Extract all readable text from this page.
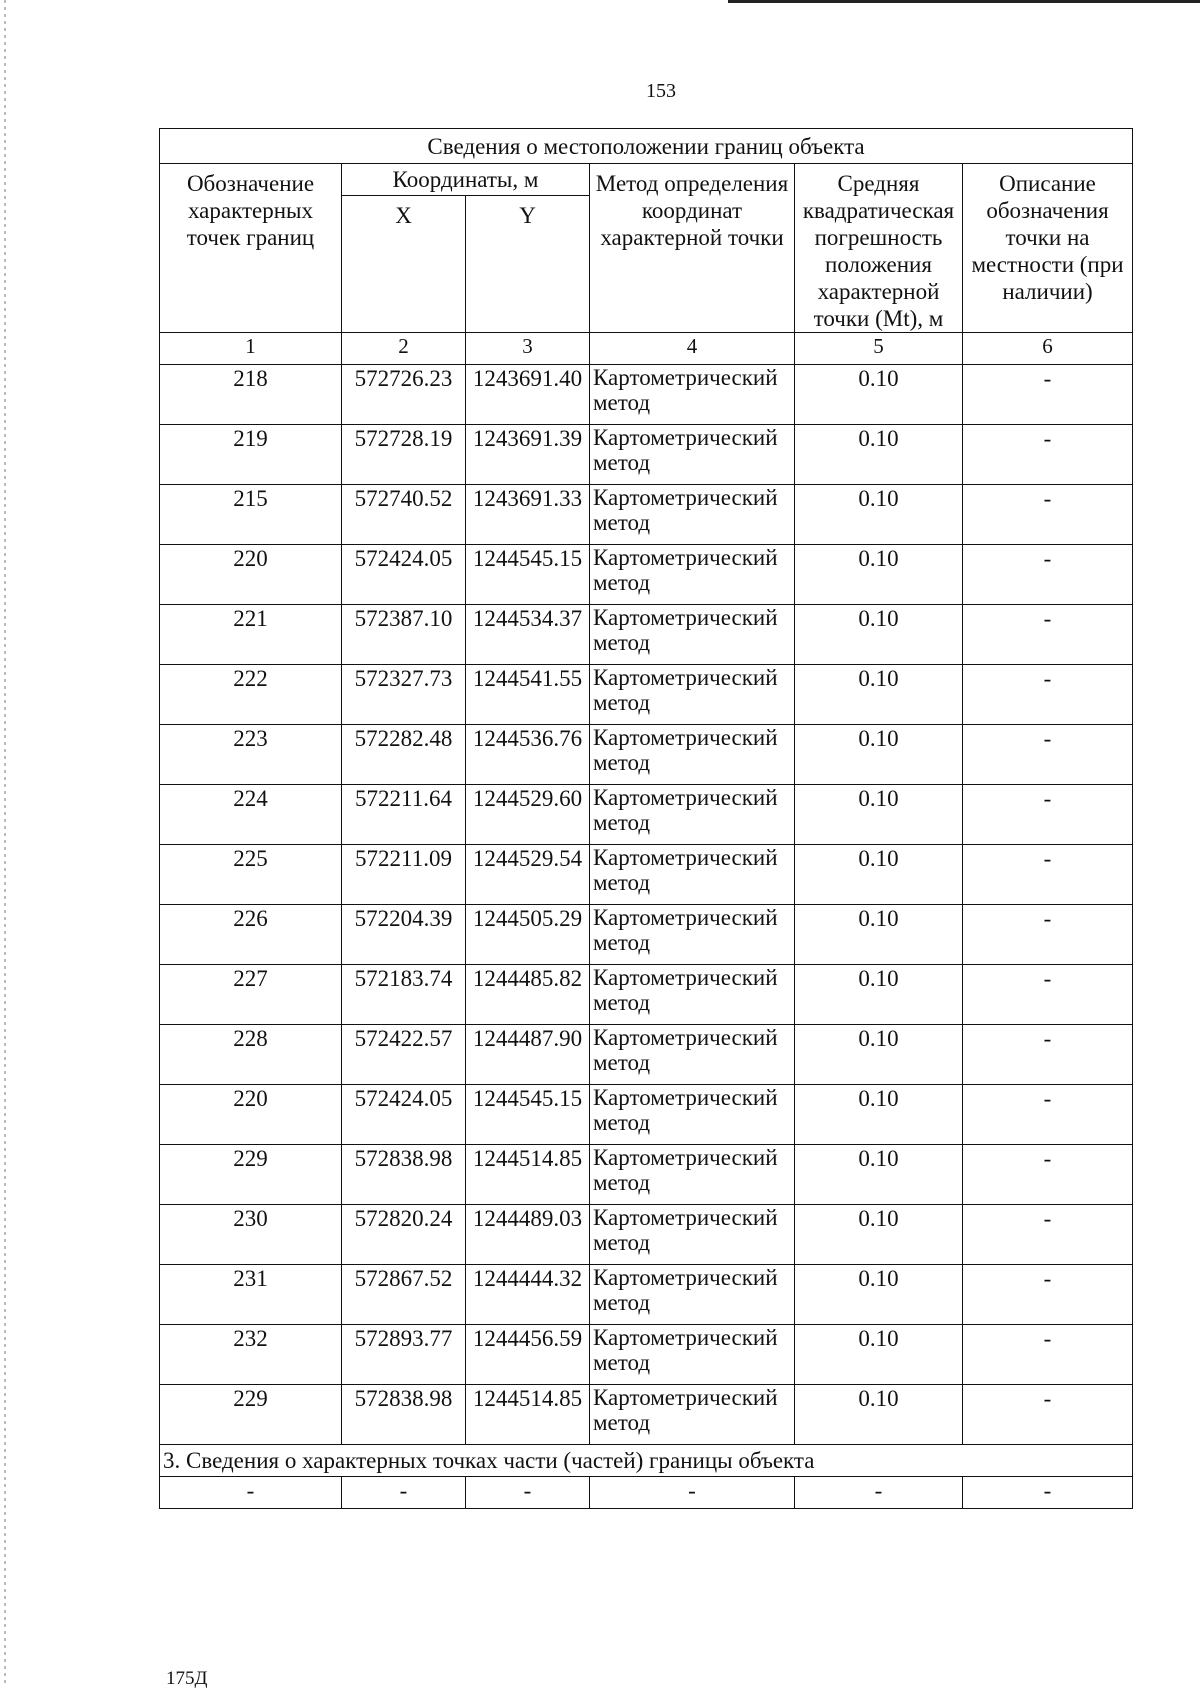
153
Сведения о местоположении границ объекта					
Обозначение характерных точек границ	Координаты, м		Метод определения координат характерной точки	Средняя квадратическая погрешность положения характерной точки (Mt), м	Описание обозначения точки на местности (при наличии)
	X	Y			
1	2	3	4	5	6
218	572726.23	1243691.40	Картометрический метод	0.10	-
219	572728.19	1243691.39	Картометрический метод	0.10	-
215	572740.52	1243691.33	Картометрический метод	0.10	-
220	572424.05	1244545.15	Картометрический метод	0.10	-
221	572387.10	1244534.37	Картометрический метод	0.10	-
222	572327.73	1244541.55	Картометрический метод	0.10	-
223	572282.48	1244536.76	Картометрический метод	0.10	-
224	572211.64	1244529.60	Картометрический метод	0.10	-
225	572211.09	1244529.54	Картометрический метод	0.10	-
226	572204.39	1244505.29	Картометрический метод	0.10	-
227	572183.74	1244485.82	Картометрический метод	0.10	-
228	572422.57	1244487.90	Картометрический метод	0.10	-
220	572424.05	1244545.15	Картометрический метод	0.10	-
229	572838.98	1244514.85	Картометрический метод	0.10	-
230	572820.24	1244489.03	Картометрический метод	0.10	-
231	572867.52	1244444.32	Картометрический метод	0.10	-
232	572893.77	1244456.59	Картометрический метод	0.10	-
229	572838.98	1244514.85	Картометрический метод	0.10	-
3. Сведения о характерных точках части (частей) границы объекта					
-	-	-	-	-	-
175Д
